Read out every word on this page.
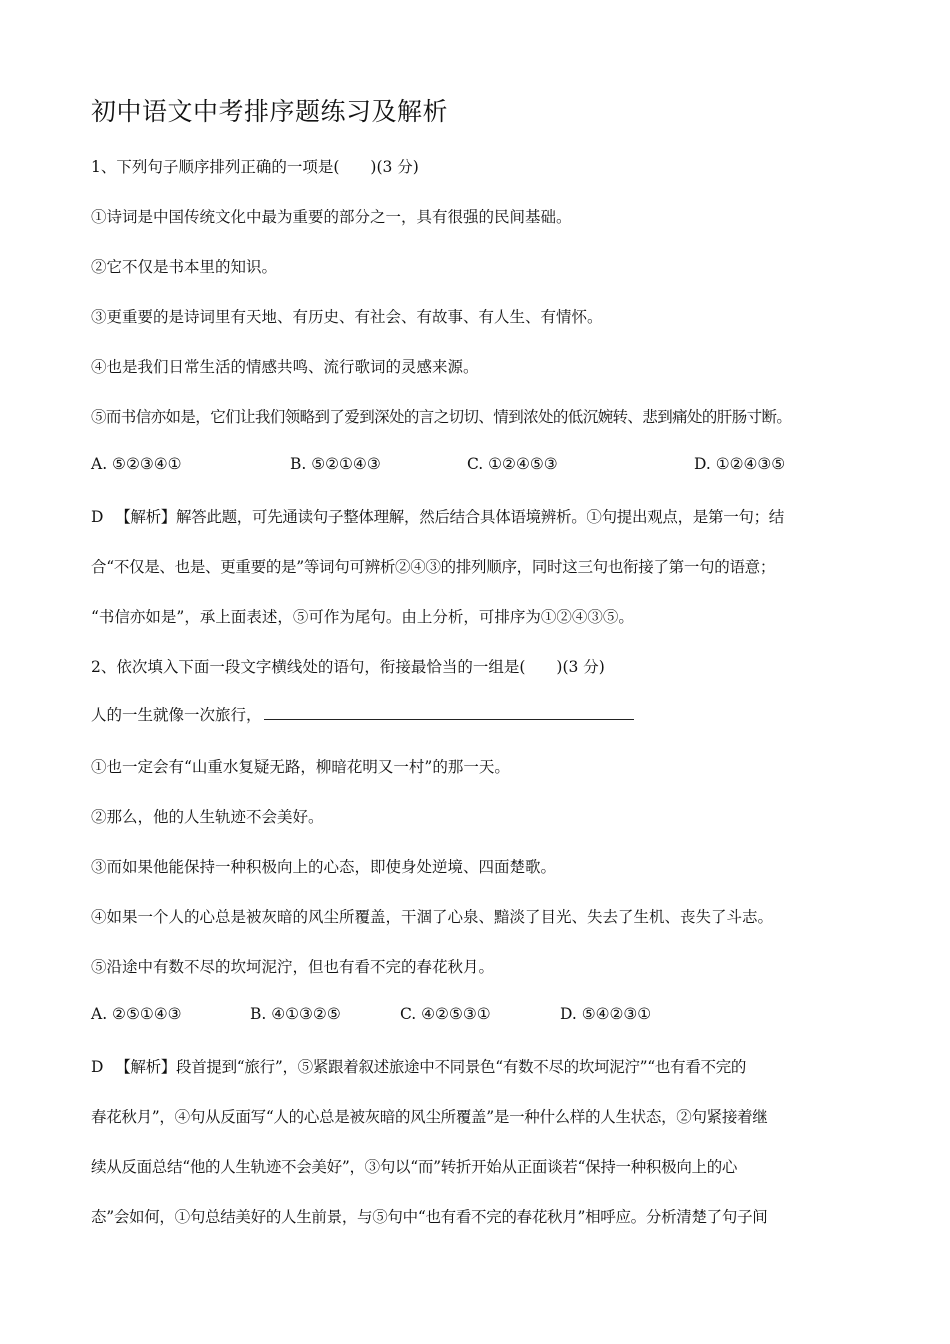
初中语文中考排序题练习及解析
1、下列句子顺序排列正确的一项是(　　)(3 分)
①诗词是中国传统文化中最为重要的部分之一，具有很强的民间基础。
②它不仅是书本里的知识。
③更重要的是诗词里有天地、有历史、有社会、有故事、有人生、有情怀。
④也是我们日常生活的情感共鸣、流行歌词的灵感来源。
⑤而书信亦如是，它们让我们领略到了爱到深处的言之切切、情到浓处的低沉婉转、悲到痛处的肝肠寸断。
A. ⑤②③④①	B. ⑤②①④③	C. ①②④⑤③	D. ①②④③⑤
D 　【解析】解答此题，可先通读句子整体理解，然后结合具体语境辨析。①句提出观点，是第一句；结
合“不仅是、也是、更重要的是”等词句可辨析②④③的排列顺序，同时这三句也衔接了第一句的语意；
“书信亦如是”，承上面表述，⑤可作为尾句。由上分析，可排序为①②④③⑤。
2、依次填入下面一段文字横线处的语句，衔接最恰当的一组是(　　)(3 分)
人的一生就像一次旅行，
①也一定会有“山重水复疑无路，柳暗花明又一村”的那一天。
②那么，他的人生轨迹不会美好。
③而如果他能保持一种积极向上的心态，即使身处逆境、四面楚歌。
④如果一个人的心总是被灰暗的风尘所覆盖，干涸了心泉、黯淡了目光、失去了生机、丧失了斗志。
⑤沿途中有数不尽的坎坷泥泞，但也有看不完的春花秋月。
A. ②⑤①④③	B. ④①③②⑤	C. ④②⑤③①	D. ⑤④②③①
D 　【解析】段首提到“旅行”，⑤紧跟着叙述旅途中不同景色“有数不尽的坎坷泥泞”“也有看不完的
春花秋月”，④句从反面写“人的心总是被灰暗的风尘所覆盖”是一种什么样的人生状态，②句紧接着继
续从反面总结“他的人生轨迹不会美好”，③句以“而”转折开始从正面谈若“保持一种积极向上的心
态”会如何，①句总结美好的人生前景，与⑤句中“也有看不完的春花秋月”相呼应。分析清楚了句子间
